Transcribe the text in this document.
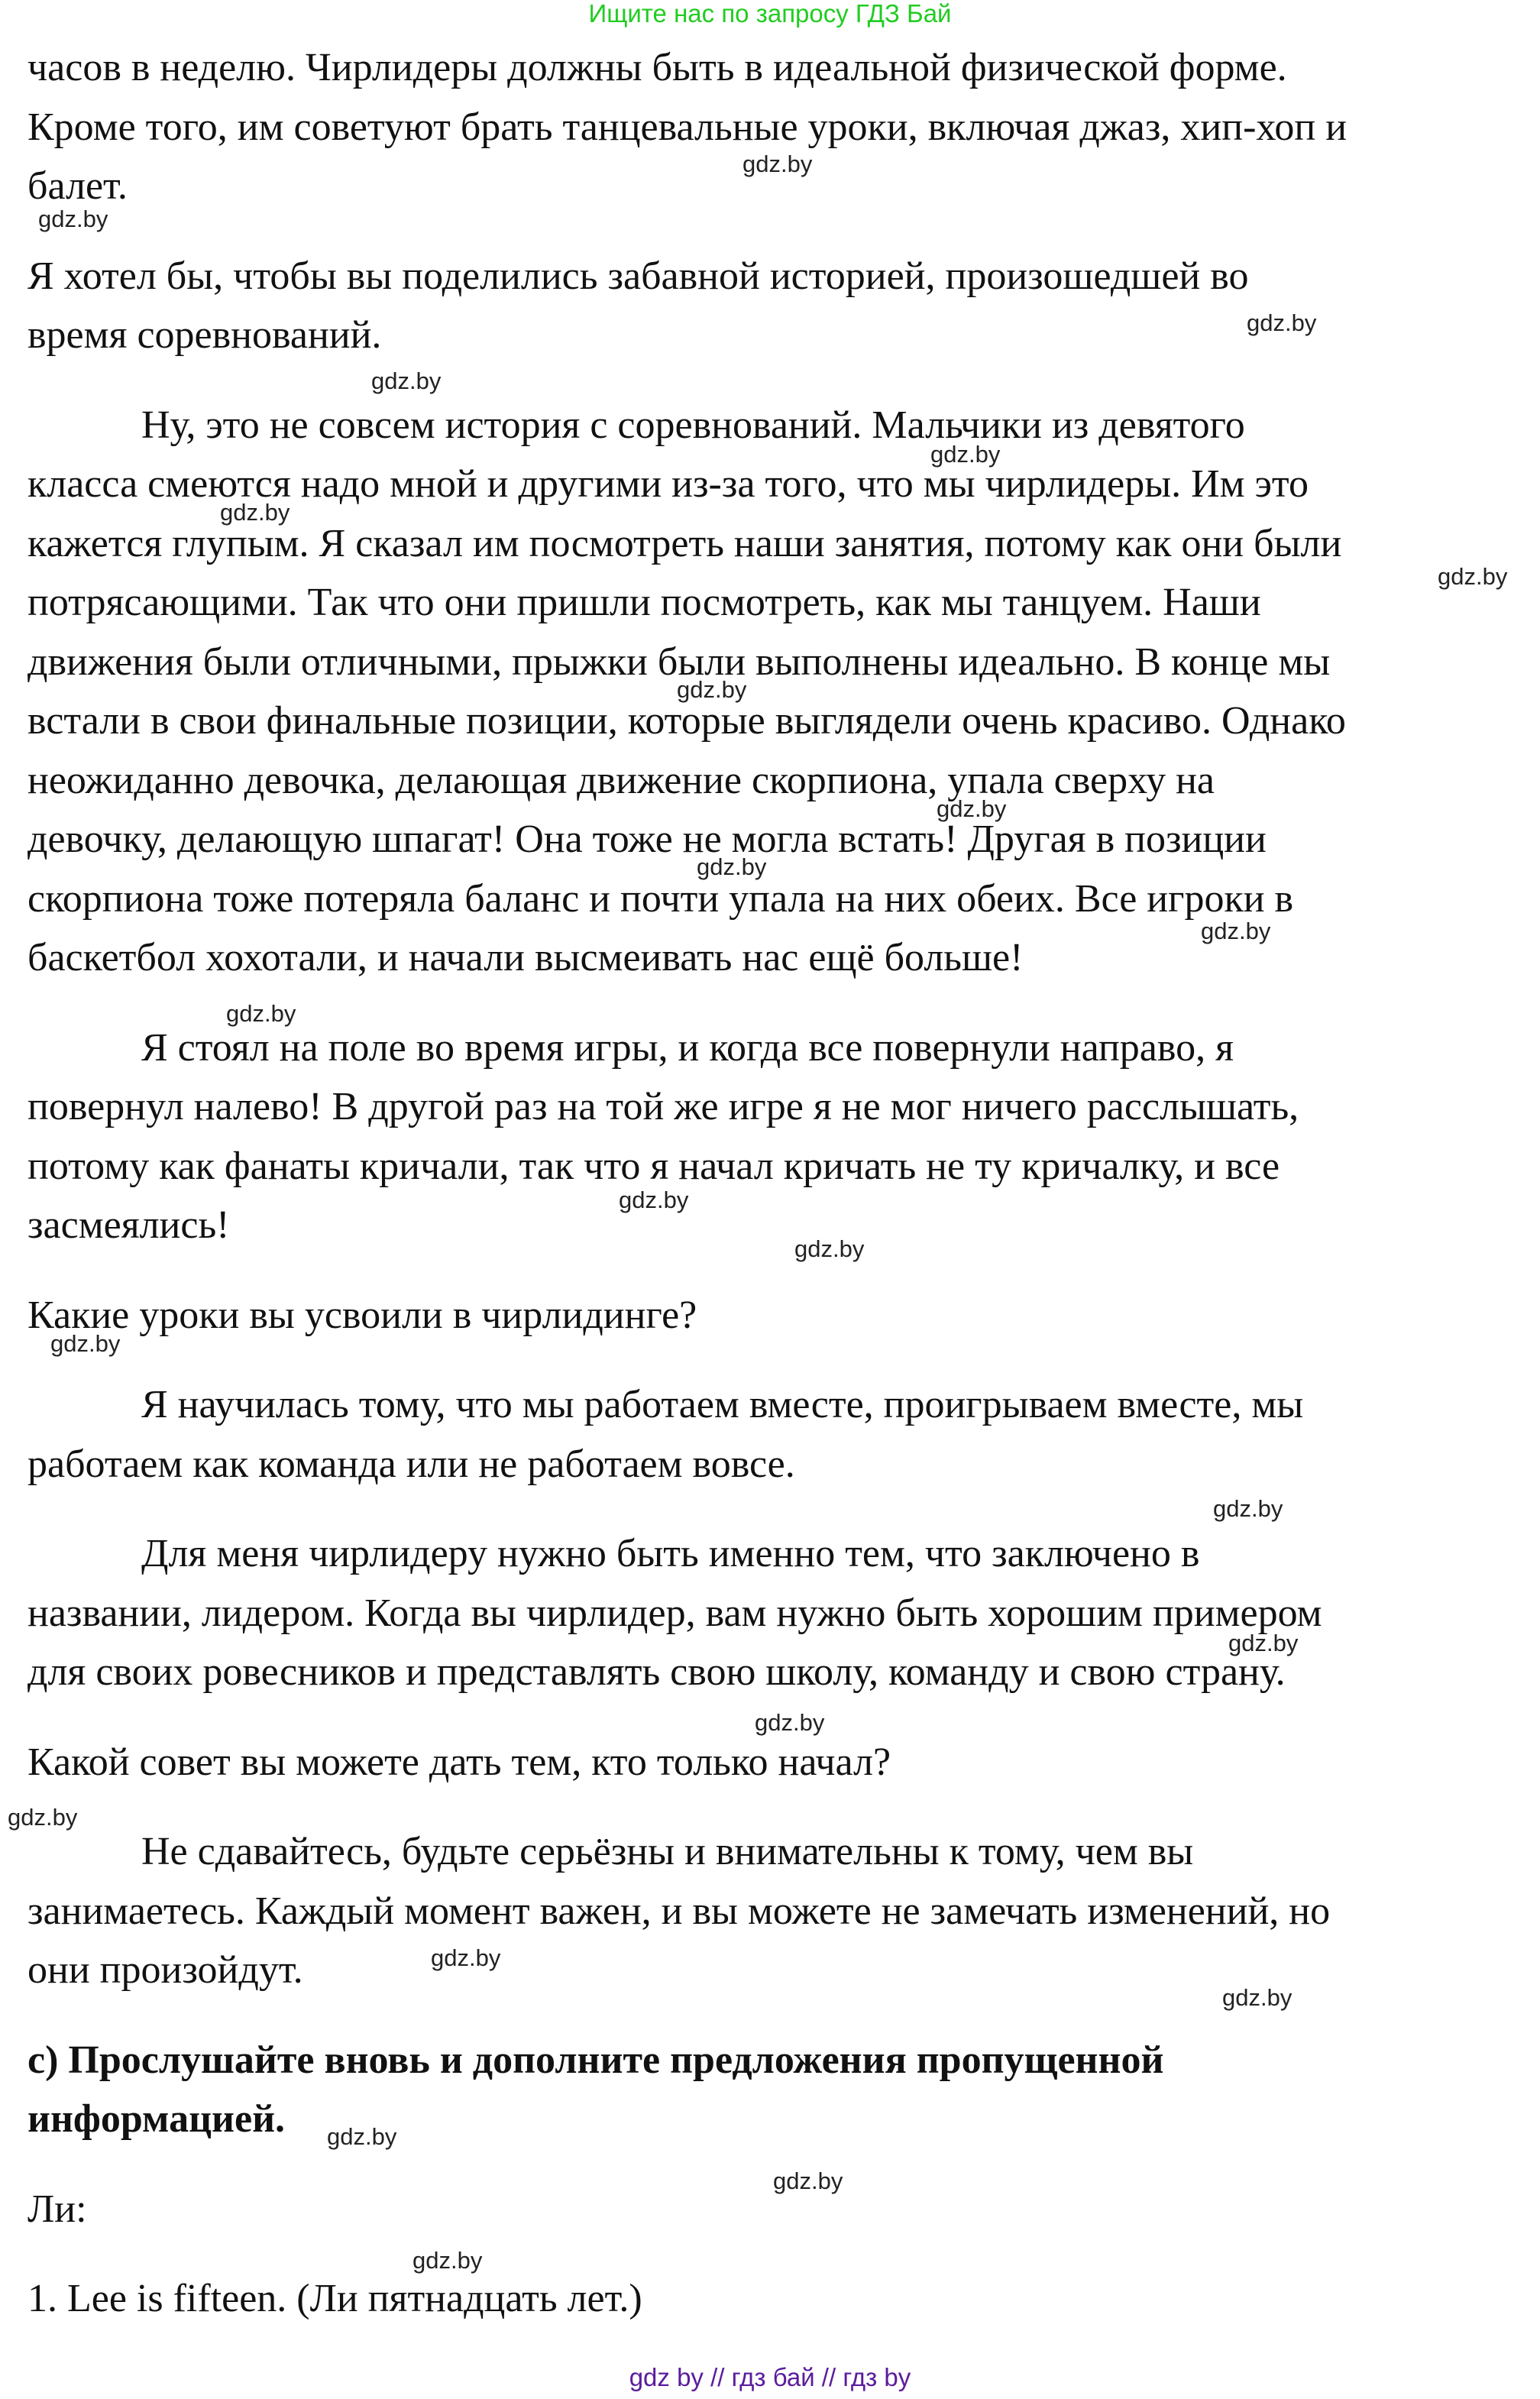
Ищите нас по запросу ГДЗ Бай
часов в неделю. Чирлидеры должны быть в идеальной физической форме.
Кроме того, им советуют брать танцевальные уроки, включая джаз, хип-хоп и
балет.
Я хотел бы, чтобы вы поделились забавной историей, произошедшей во
время соревнований.
Ну, это не совсем история с соревнований. Мальчики из девятого
класса смеются надо мной и другими из-за того, что мы чирлидеры. Им это
кажется глупым. Я сказал им посмотреть наши занятия, потому как они были
потрясающими. Так что они пришли посмотреть, как мы танцуем. Наши
движения были отличными, прыжки были выполнены идеально. В конце мы
встали в свои финальные позиции, которые выглядели очень красиво. Однако
неожиданно девочка, делающая движение скорпиона, упала сверху на
девочку, делающую шпагат! Она тоже не могла встать! Другая в позиции
скорпиона тоже потеряла баланс и почти упала на них обеих. Все игроки в
баскетбол хохотали, и начали высмеивать нас ещё больше!
Я стоял на поле во время игры, и когда все повернули направо, я
повернул налево! В другой раз на той же игре я не мог ничего расслышать,
потому как фанаты кричали, так что я начал кричать не ту кричалку, и все
засмеялись!
Какие уроки вы усвоили в чирлидинге?
Я научилась тому, что мы работаем вместе, проигрываем вместе, мы
работаем как команда или не работаем вовсе.
Для меня чирлидеру нужно быть именно тем, что заключено в
названии, лидером. Когда вы чирлидер, вам нужно быть хорошим примером
для своих ровесников и представлять свою школу, команду и свою страну.
Какой совет вы можете дать тем, кто только начал?
Не сдавайтесь, будьте серьёзны и внимательны к тому, чем вы
занимаетесь. Каждый момент важен, и вы можете не замечать изменений, но
они произойдут.
c) Прослушайте вновь и дополните предложения пропущенной
информацией.
Ли:
1. Lee is fifteen. (Ли пятнадцать лет.)
gdz.by
gdz.by
gdz.by
gdz.by
gdz.by
gdz.by
gdz.by
gdz.by
gdz.by
gdz.by
gdz.by
gdz.by
gdz.by
gdz.by
gdz.by
gdz.by
gdz.by
gdz.by
gdz.by
gdz.by
gdz.by
gdz.by
gdz.by
gdz.by
gdz by // гдз бай // гдз by
